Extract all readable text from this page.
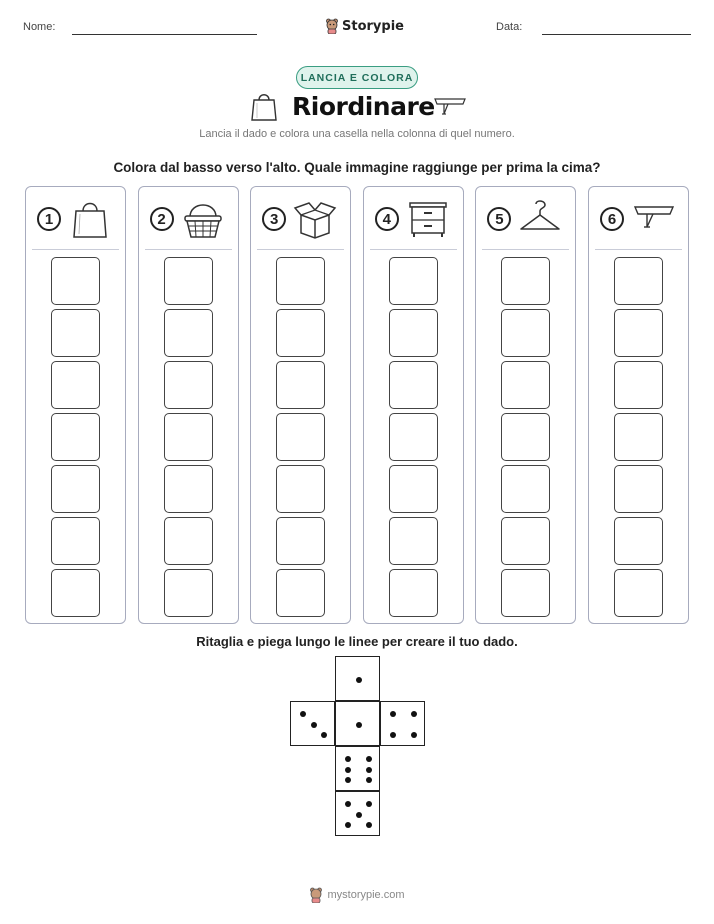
Nome:	Storypie	Data:
LANCIA E COLORA
Riordinare
Lancia il dado e colora una casella nella colonna di quel numero.
Colora dal basso verso l'alto. Quale immagine raggiunge per prima la cima?
1	2	3	4	5	6
Ritaglia e piega lungo le linee per creare il tuo dado.
mystorypie.com
